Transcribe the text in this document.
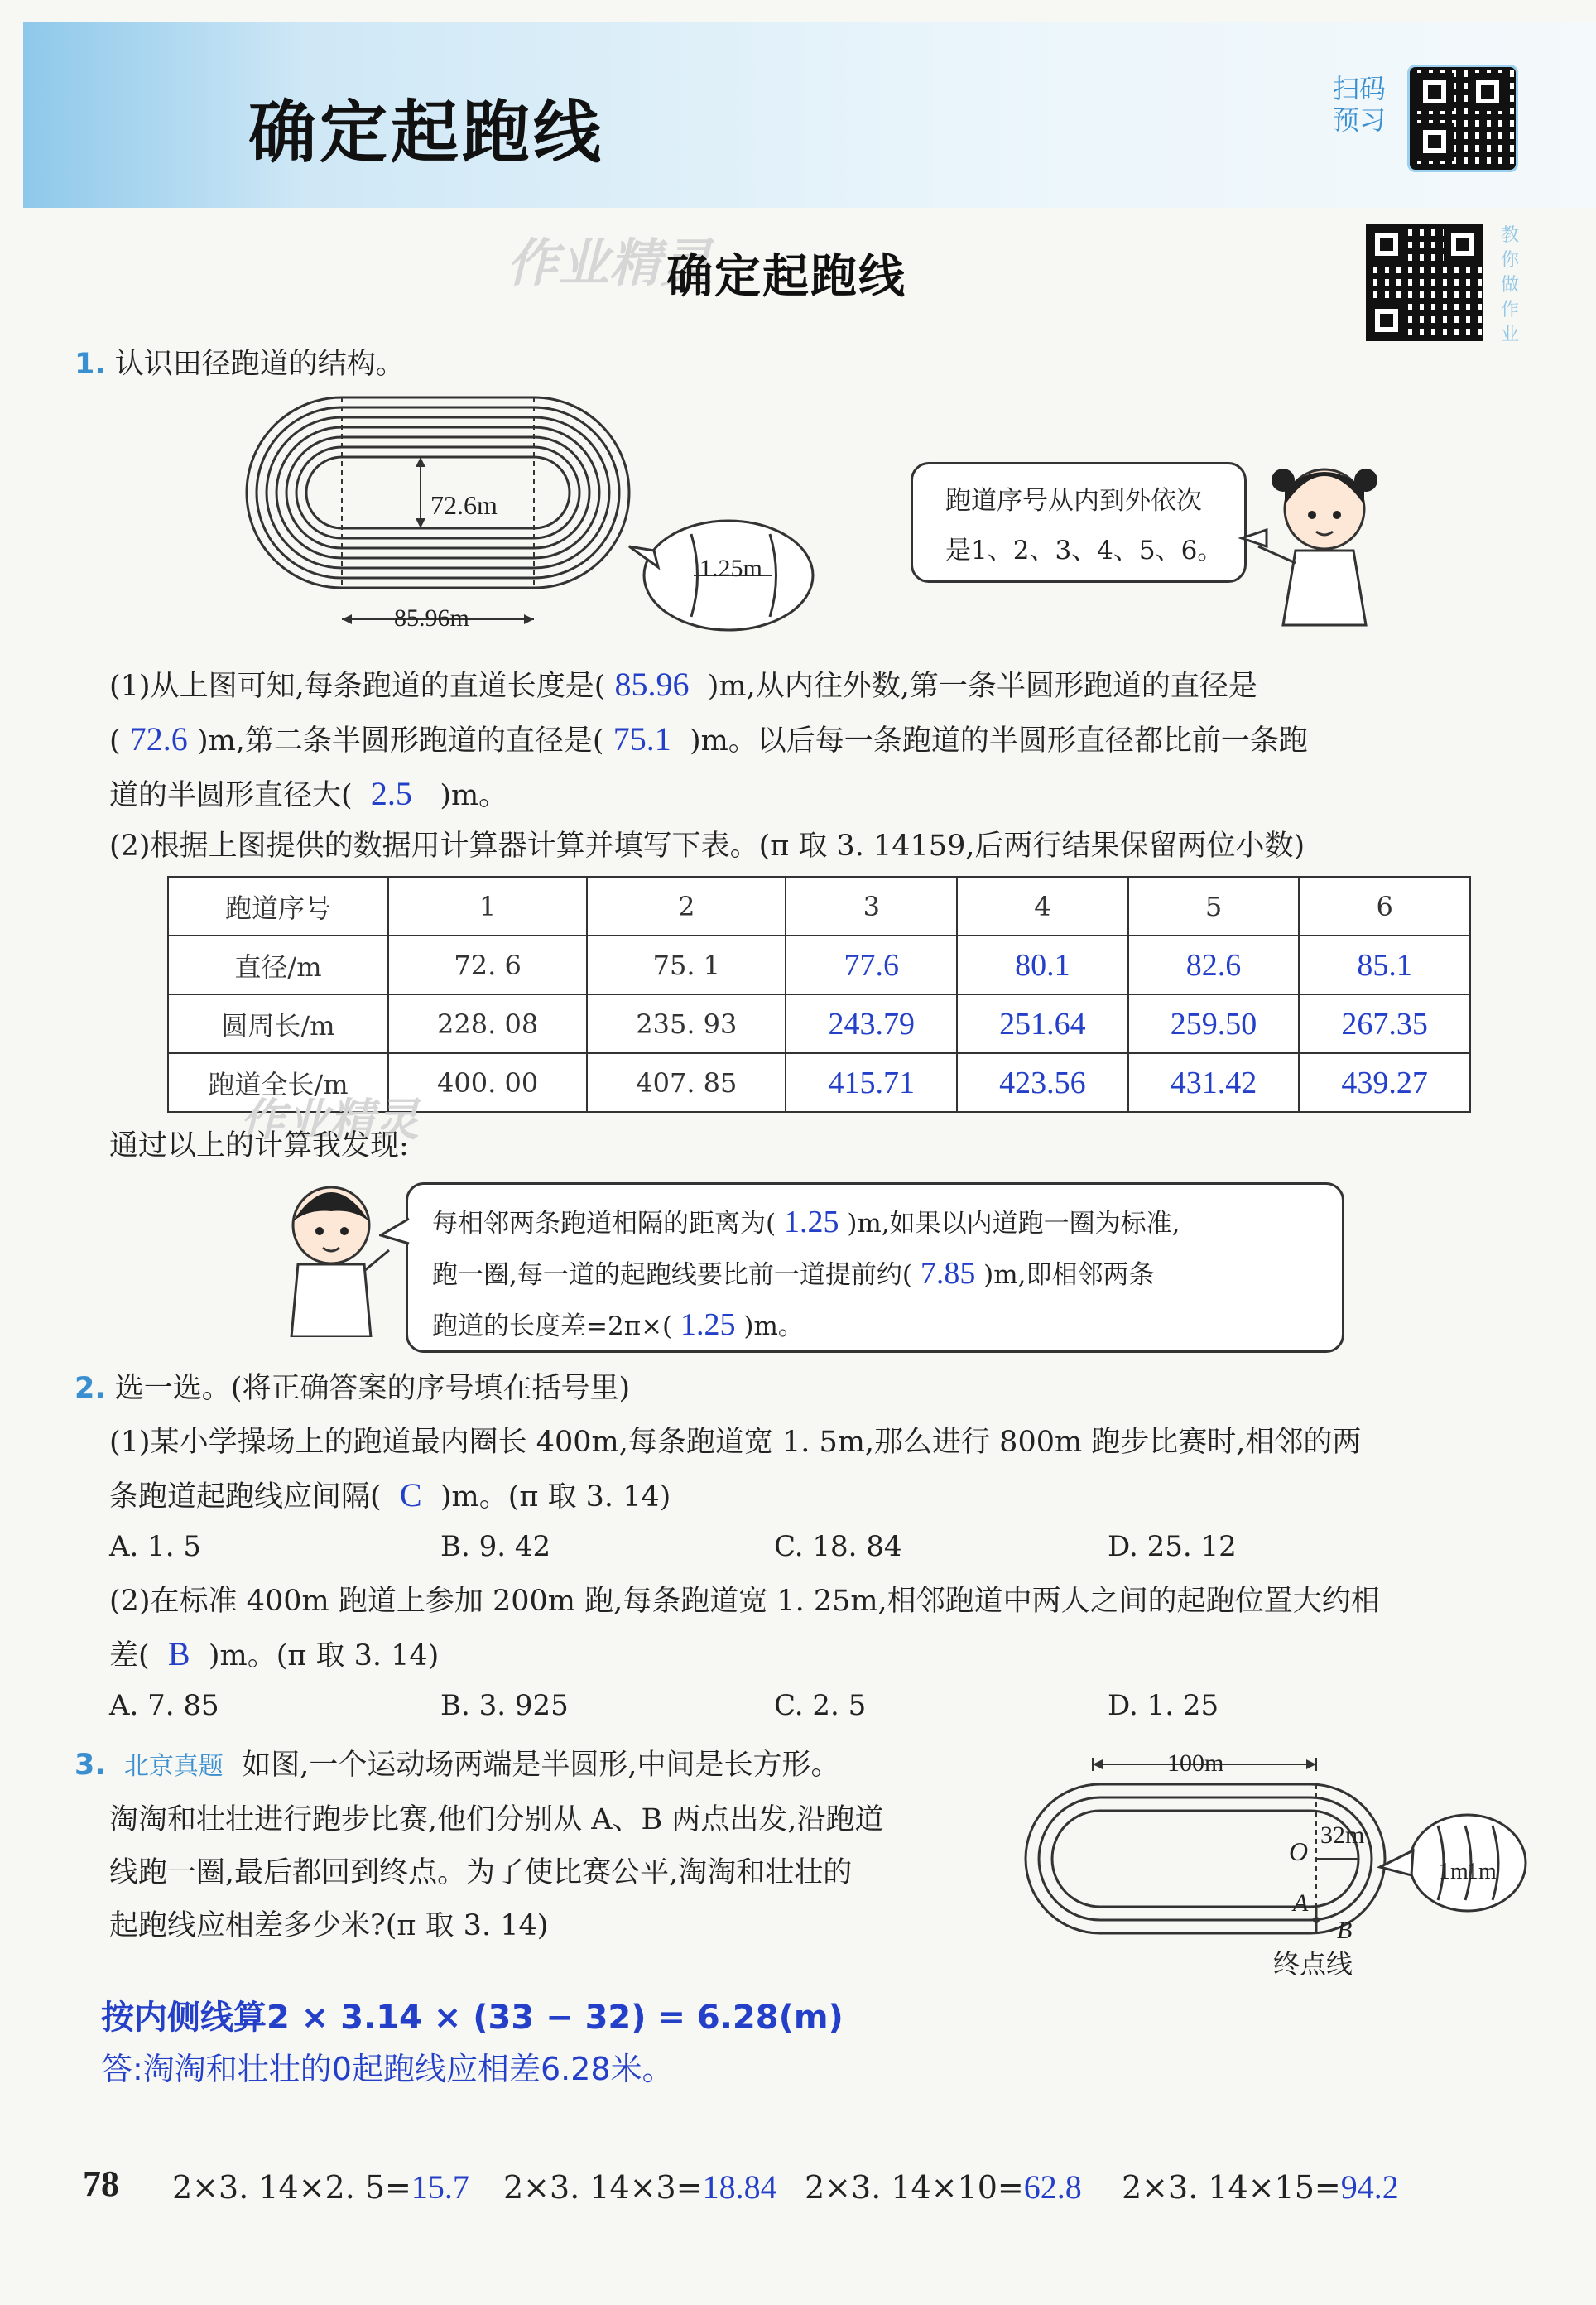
确定起跑线
扫码
预习
作业精灵
确定起跑线
教
你
做
作
业
1. 认识田径跑道的结构。
72.6m
85.96m
1.25m
跑道序号从内到外依次
是1、2、3、4、5、6。
(1)从上图可知,每条跑道的直道长度是( 85.96 )m,从内往外数,第一条半圆形跑道的直径是
( 72.6 )m,第二条半圆形跑道的直径是( 75.1 )m。以后每一条跑道的半圆形直径都比前一条跑
道的半圆形直径大( 2.5 )m。
(2)根据上图提供的数据用计算器计算并填写下表。(π 取 3. 14159,后两行结果保留两位小数)
跑道序号	1	2	3	4	5	6
直径/m	72. 6	75. 1	77.6	80.1	82.6	85.1
圆周长/m	228. 08	235. 93	243.79	251.64	259.50	267.35
跑道全长/m	400. 00	407. 85	415.71	423.56	431.42	439.27
作业精灵
通过以上的计算我发现:
每相邻两条跑道相隔的距离为( 1.25 )m,如果以内道跑一圈为标准,
跑一圈,每一道的起跑线要比前一道提前约( 7.85 )m,即相邻两条
跑道的长度差=2π×( 1.25 )m。
2. 选一选。(将正确答案的序号填在括号里)
(1)某小学操场上的跑道最内圈长 400m,每条跑道宽 1. 5m,那么进行 800m 跑步比赛时,相邻的两
条跑道起跑线应间隔( C )m。(π 取 3. 14)
A. 1. 5	B. 9. 42	C. 18. 84	D. 25. 12
(2)在标准 400m 跑道上参加 200m 跑,每条跑道宽 1. 25m,相邻跑道中两人之间的起跑位置大约相
差( B )m。(π 取 3. 14)
A. 7. 85	B. 3. 925	C. 2. 5	D. 1. 25
3. 北京真题 如图,一个运动场两端是半圆形,中间是长方形。
淘淘和壮壮进行跑步比赛,他们分别从 A、B 两点出发,沿跑道
线跑一圈,最后都回到终点。为了使比赛公平,淘淘和壮壮的
起跑线应相差多少米?(π 取 3. 14)
100m
32m
O
A
B
1m
1m
终点线
按内侧线算2 × 3.14 × (33 − 32) = 6.28(m)
答:淘淘和壮壮的0起跑线应相差6.28米。
78 2×3. 14×2. 5=15.7 2×3. 14×3=18.84 2×3. 14×10=62.8 2×3. 14×15=94.2
